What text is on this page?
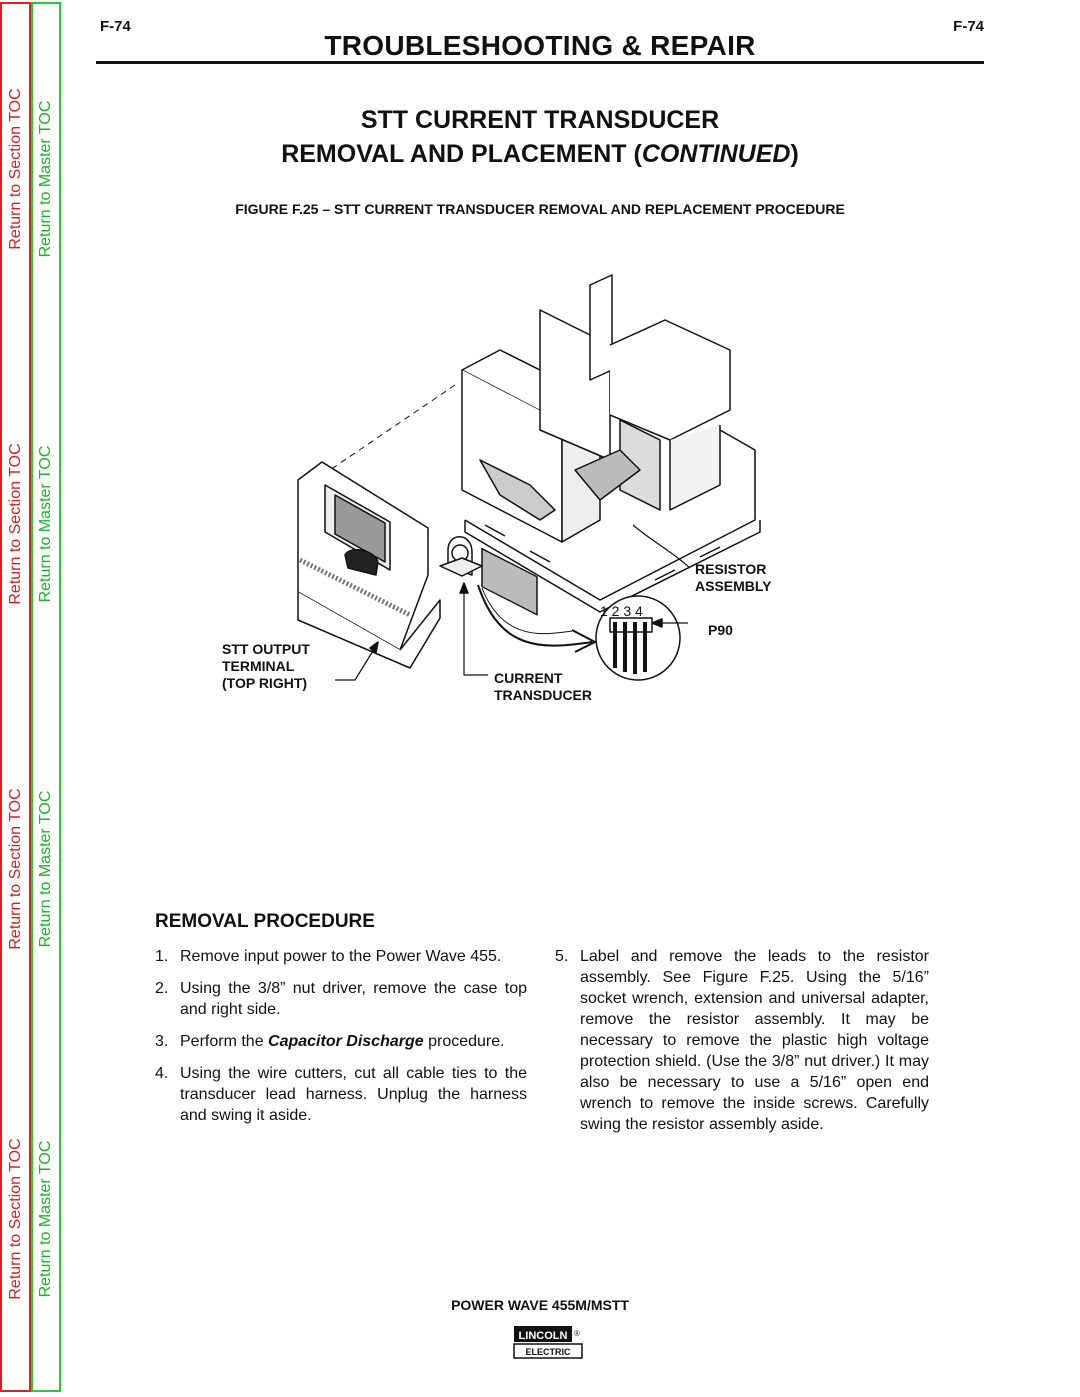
Return to Section TOC
Return to Section TOC
Return to Section TOC
Return to Section TOC
Return to Master TOC
Return to Master TOC
Return to Master TOC
Return to Master TOC
F-74	F-74
TROUBLESHOOTING & REPAIR
STT CURRENT TRANSDUCER
REMOVAL AND PLACEMENT (CONTINUED)
FIGURE F.25 – STT CURRENT TRANSDUCER REMOVAL AND REPLACEMENT PROCEDURE
RESISTOR
ASSEMBLY
1 2 3 4
P90
STT OUTPUT
TERMINAL
(TOP RIGHT)	CURRENT
TRANSDUCER
REMOVAL PROCEDURE
1. Remove input power to the Power Wave 455.
2. Using the 3/8” nut driver, remove the case top and right side.
3. Perform the Capacitor Discharge procedure.
4. Using the wire cutters, cut all cable ties to the transducer lead harness. Unplug the harness and swing it aside.
5. Label and remove the leads to the resistor assembly. See Figure F.25. Using the 5/16” socket wrench, extension and universal adapter, remove the resistor assembly. It may be necessary to remove the plastic high voltage protection shield. (Use the 3/8” nut driver.) It may also be necessary to use a 5/16” open end wrench to remove the inside screws. Carefully swing the resistor assembly aside.
POWER WAVE 455M/MSTT
LINCOLN ®
ELECTRIC
